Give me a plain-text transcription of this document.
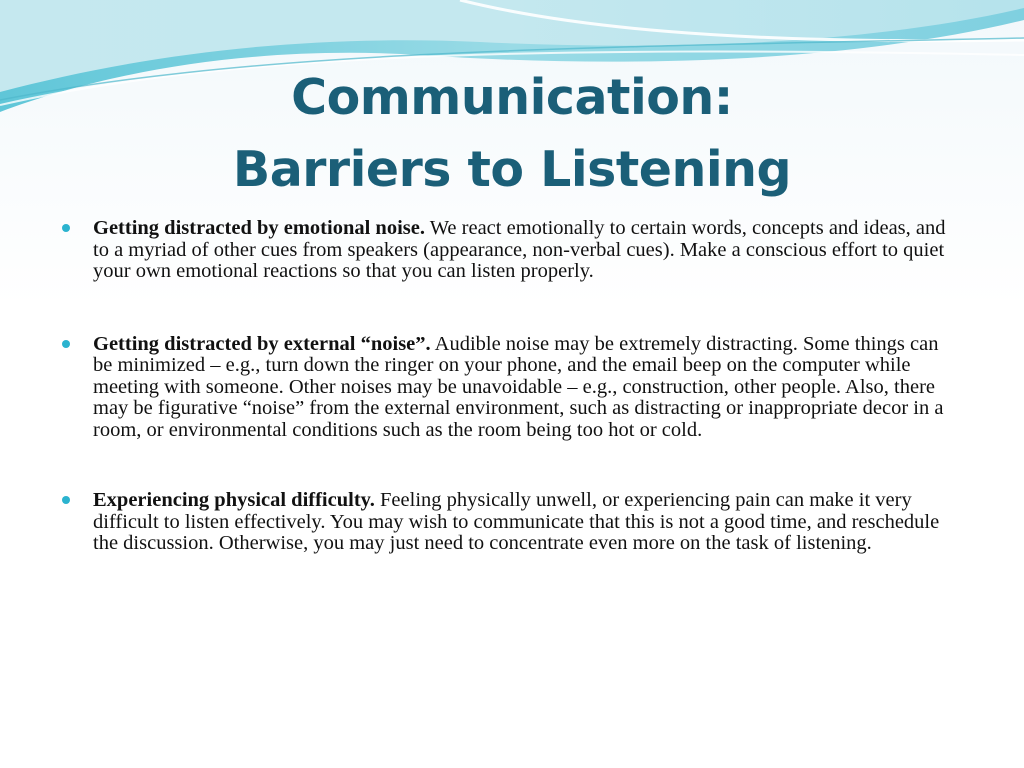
Communication:
Barriers to Listening
Getting distracted by emotional noise. We react emotionally to certain words, concepts and ideas, and to a myriad of other cues from speakers (appearance, non-verbal cues). Make a conscious effort to quiet your own emotional reactions so that you can listen properly.
Getting distracted by external “noise”. Audible noise may be extremely distracting. Some things can be minimized – e.g., turn down the ringer on your phone, and the email beep on the computer while meeting with someone. Other noises may be unavoidable – e.g., construction, other people. Also, there may be figurative “noise” from the external environment, such as distracting or inappropriate decor in a room, or environmental conditions such as the room being too hot or cold.
Experiencing physical difficulty. Feeling physically unwell, or experiencing pain can make it very difficult to listen effectively. You may wish to communicate that this is not a good time, and reschedule the discussion. Otherwise, you may just need to concentrate even more on the task of listening.
